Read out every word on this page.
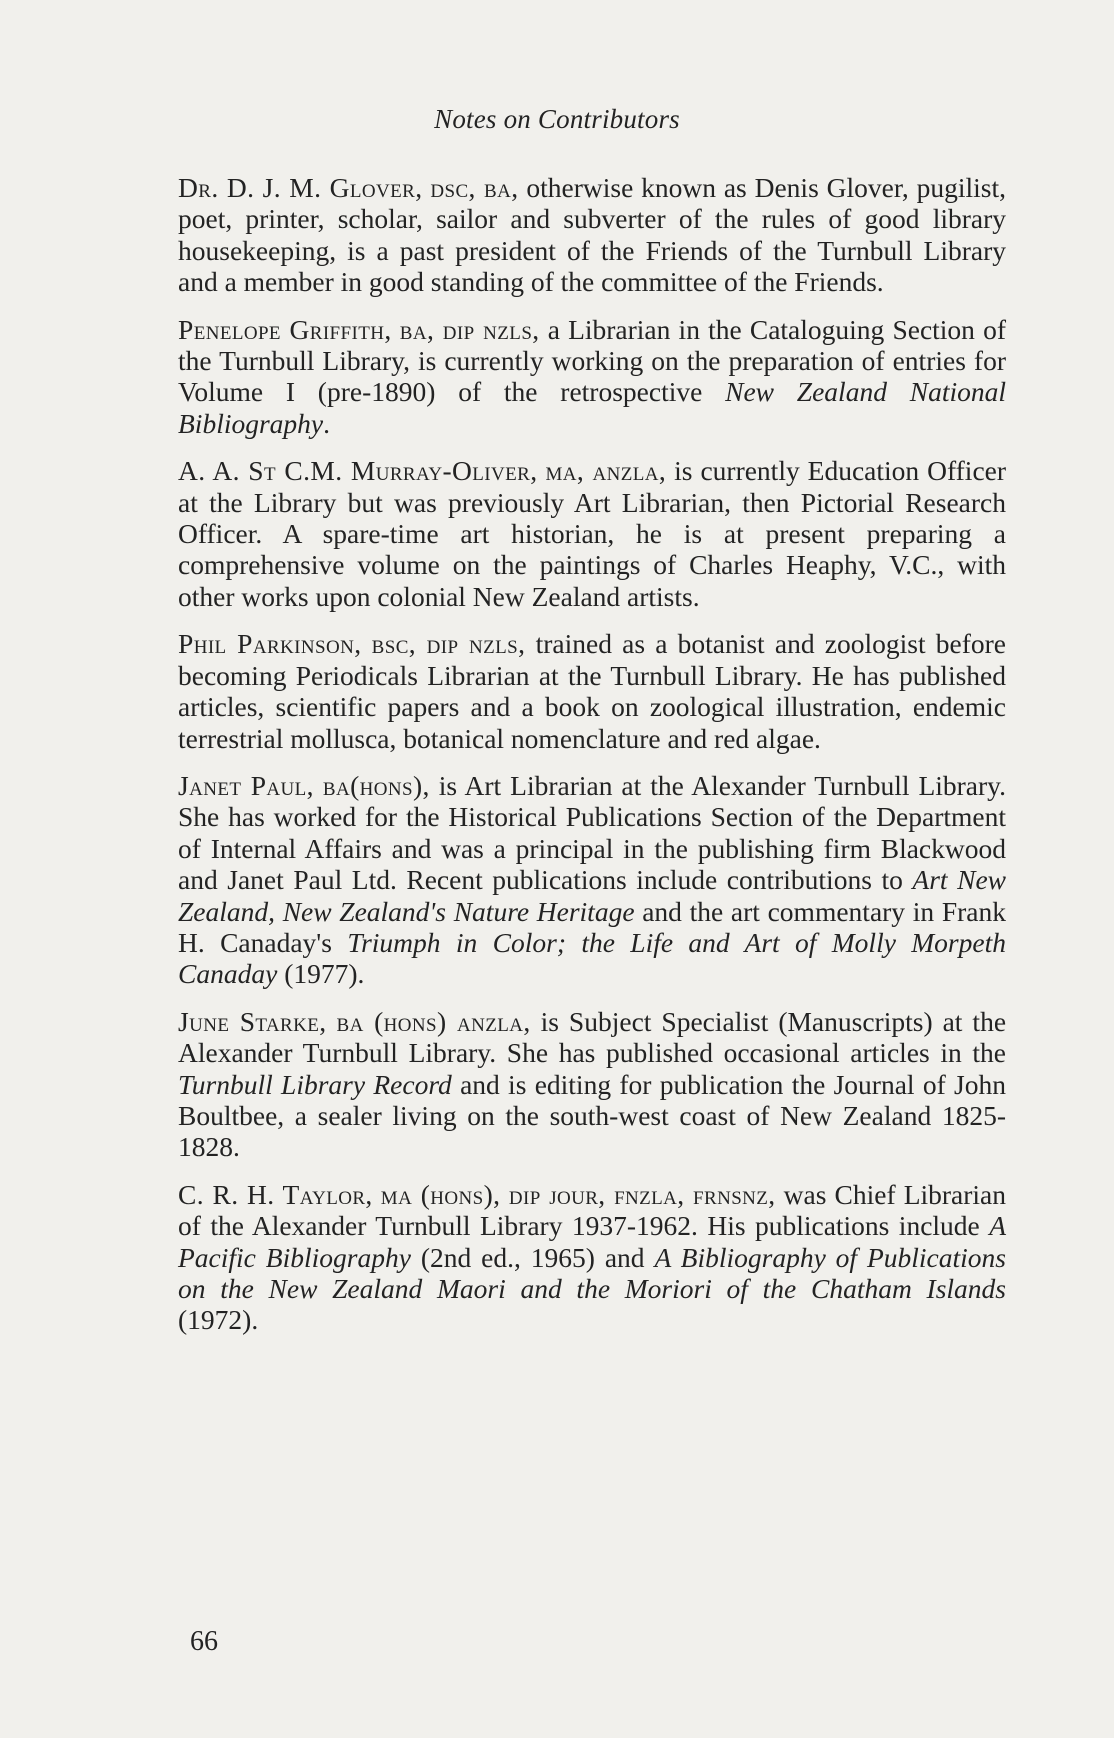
Notes on Contributors

Dr. D. J. M. Glover, dsc, ba, otherwise known as Denis Glover, pugilist, poet, printer, scholar, sailor and subverter of the rules of good library housekeeping, is a past president of the Friends of the Turnbull Library and a member in good standing of the committee of the Friends.

Penelope Griffith, ba, dip nzls, a Librarian in the Cataloguing Section of the Turnbull Library, is currently working on the preparation of entries for Volume I (pre-1890) of the retrospective New Zealand National Bibliography.

A. A. St C.M. Murray-Oliver, ma, anzla, is currently Education Officer at the Library but was previously Art Librarian, then Pictorial Research Officer. A spare-time art historian, he is at present preparing a comprehensive volume on the paintings of Charles Heaphy, V.C., with other works upon colonial New Zealand artists.

Phil Parkinson, bsc, dip nzls, trained as a botanist and zoologist before becoming Periodicals Librarian at the Turnbull Library. He has published articles, scientific papers and a book on zoological illustration, endemic terrestrial mollusca, botanical nomenclature and red algae.

Janet Paul, ba(hons), is Art Librarian at the Alexander Turnbull Library. She has worked for the Historical Publications Section of the Department of Internal Affairs and was a principal in the publishing firm Blackwood and Janet Paul Ltd. Recent publications include contributions to Art New Zealand, New Zealand's Nature Heritage and the art commentary in Frank H. Canaday's Triumph in Color; the Life and Art of Molly Morpeth Canaday (1977).

June Starke, ba (hons) anzla, is Subject Specialist (Manuscripts) at the Alexander Turnbull Library. She has published occasional articles in the Turnbull Library Record and is editing for publication the Journal of John Boultbee, a sealer living on the south-west coast of New Zealand 1825-1828.

C. R. H. Taylor, ma (hons), dip jour, fnzla, frnsnz, was Chief Librarian of the Alexander Turnbull Library 1937-1962. His publications include A Pacific Bibliography (2nd ed., 1965) and A Bibliography of Publications on the New Zealand Maori and the Moriori of the Chatham Islands (1972).

66
